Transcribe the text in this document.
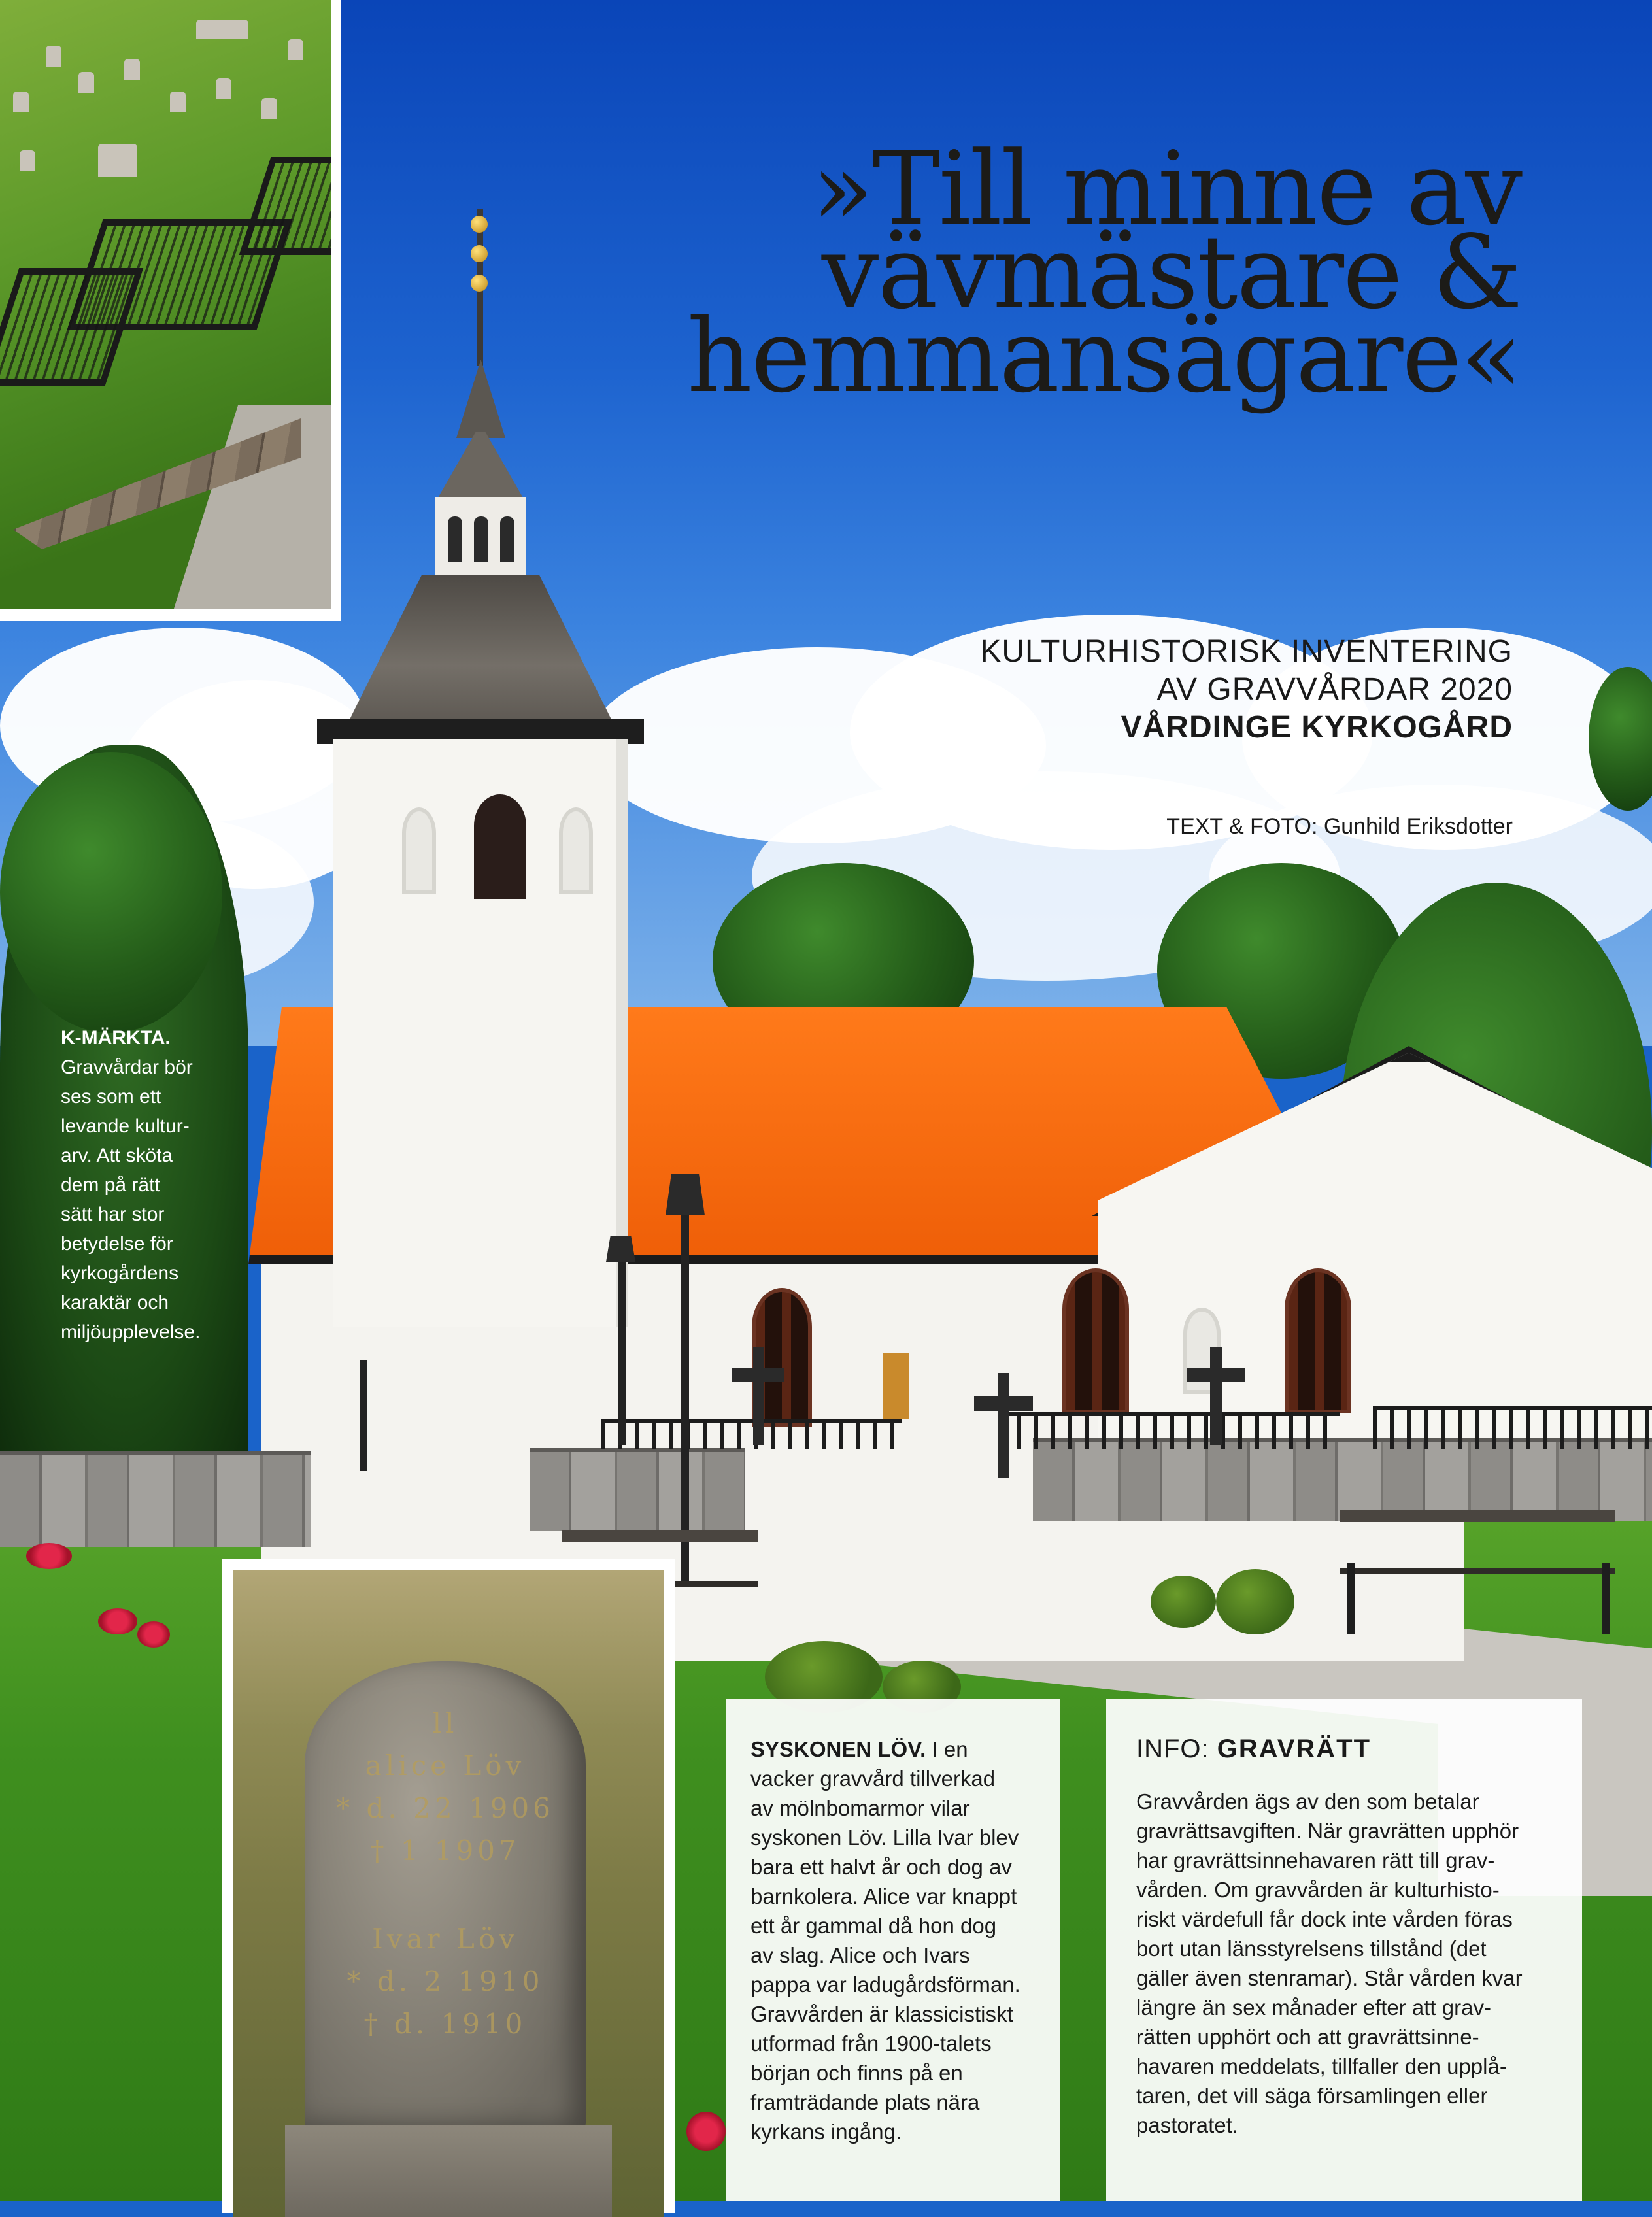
»Till minne av
vävmästare &
hemmansägare«
KULTURHISTORISK INVENTERING
AV GRAVVÅRDAR 2020
VÅRDINGE KYRKOGÅRD
TEXT & FOTO: Gunhild Eriksdotter
K-MÄRKTA.
Gravvårdar bör
ses som ett
levande kultur-
arv. Att sköta
dem på rätt
sätt har stor
betydelse för
kyrkogårdens
karaktär och
miljöupplevelse.
ll
alice Löv
* d. 22 1906
† 1 1907
Ivar Löv
* d. 2 1910
† d. 1910
SYSKONEN LÖV. I en
vacker gravvård tillverkad
av mölnbomarmor vilar
syskonen Löv. Lilla Ivar blev
bara ett halvt år och dog av
barnkolera. Alice var knappt
ett år gammal då hon dog
av slag. Alice och Ivars
pappa var ladugårdsförman.
Gravvården är klassicistiskt
utformad från 1900-talets
början och finns på en
framträdande plats nära
kyrkans ingång.
INFO: GRAVRÄTT
Gravvården ägs av den som betalar
gravrättsavgiften. När gravrätten upphör
har gravrättsinnehavaren rätt till grav-
vården. Om gravvården är kulturhisto-
riskt värdefull får dock inte vården föras
bort utan länsstyrelsens tillstånd (det
gäller även stenramar). Står vården kvar
längre än sex månader efter att grav-
rätten upphört och att gravrättsinne-
havaren meddelats, tillfaller den upplå-
taren, det vill säga församlingen eller
pastoratet.
